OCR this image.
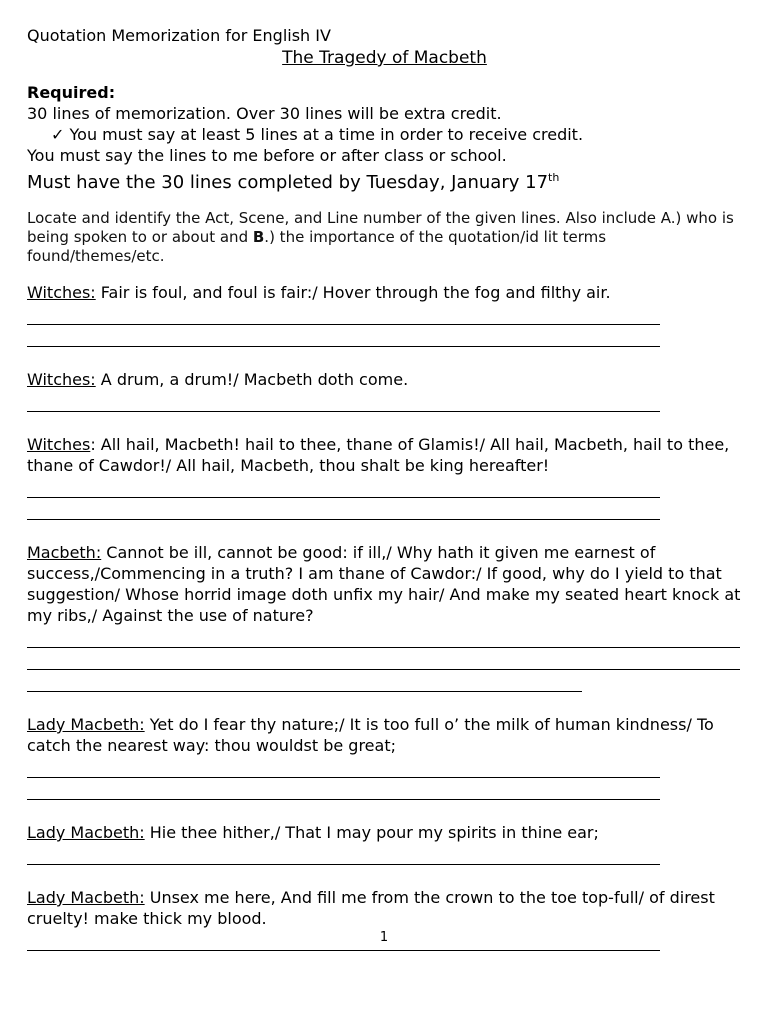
Quotation Memorization for English IV
The Tragedy of Macbeth
Required:
30 lines of memorization. Over 30 lines will be extra credit.
✓ You must say at least 5 lines at a time in order to receive credit.
You must say the lines to me before or after class or school.
Must have the 30 lines completed by Tuesday, January 17th
Locate and identify the Act, Scene, and Line number of the given lines. Also include A.) who is being spoken to or about and B.) the importance of the quotation/id lit terms found/themes/etc.
Witches: Fair is foul, and foul is fair:/ Hover through the fog and filthy air.
Witches: A drum, a drum!/ Macbeth doth come.
Witches: All hail, Macbeth! hail to thee, thane of Glamis!/ All hail, Macbeth, hail to thee, thane of Cawdor!/ All hail, Macbeth, thou shalt be king hereafter!
Macbeth: Cannot be ill, cannot be good: if ill,/ Why hath it given me earnest of success,/Commencing in a truth? I am thane of Cawdor:/ If good, why do I yield to that suggestion/ Whose horrid image doth unfix my hair/ And make my seated heart knock at my ribs,/ Against the use of nature?
Lady Macbeth: Yet do I fear thy nature;/ It is too full o’ the milk of human kindness/ To catch the nearest way: thou wouldst be great;
Lady Macbeth: Hie thee hither,/ That I may pour my spirits in thine ear;
Lady Macbeth: Unsex me here, And fill me from the crown to the toe top-full/ of direst cruelty! make thick my blood.
1
